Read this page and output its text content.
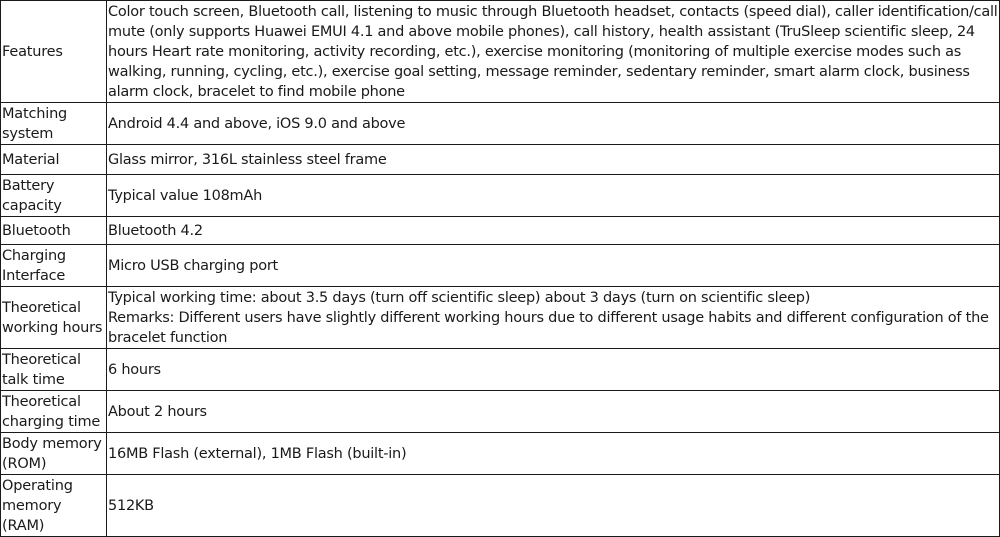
Features	Color touch screen, Bluetooth call, listening to music through Bluetooth headset, contacts (speed dial), caller identification/call mute (only supports Huawei EMUI 4.1 and above mobile phones), call history, health assistant (TruSleep scientific sleep, 24 hours Heart rate monitoring, activity recording, etc.), exercise monitoring (monitoring of multiple exercise modes such as walking, running, cycling, etc.), exercise goal setting, message reminder, sedentary reminder, smart alarm clock, business alarm clock, bracelet to find mobile phone

Matching system	Android 4.4 and above, iOS 9.0 and above

Material	Glass mirror, 316L stainless steel frame

Battery capacity	Typical value 108mAh

Bluetooth	Bluetooth 4.2

Charging Interface	Micro USB charging port

Theoretical working hours	Typical working time: about 3.5 days (turn off scientific sleep) about 3 days (turn on scientific sleep)
Remarks: Different users have slightly different working hours due to different usage habits and different configuration of the bracelet function

Theoretical talk time	6 hours

Theoretical charging time	About 2 hours

Body memory (ROM)	16MB Flash (external), 1MB Flash (built-in)

Operating memory (RAM)	512KB
